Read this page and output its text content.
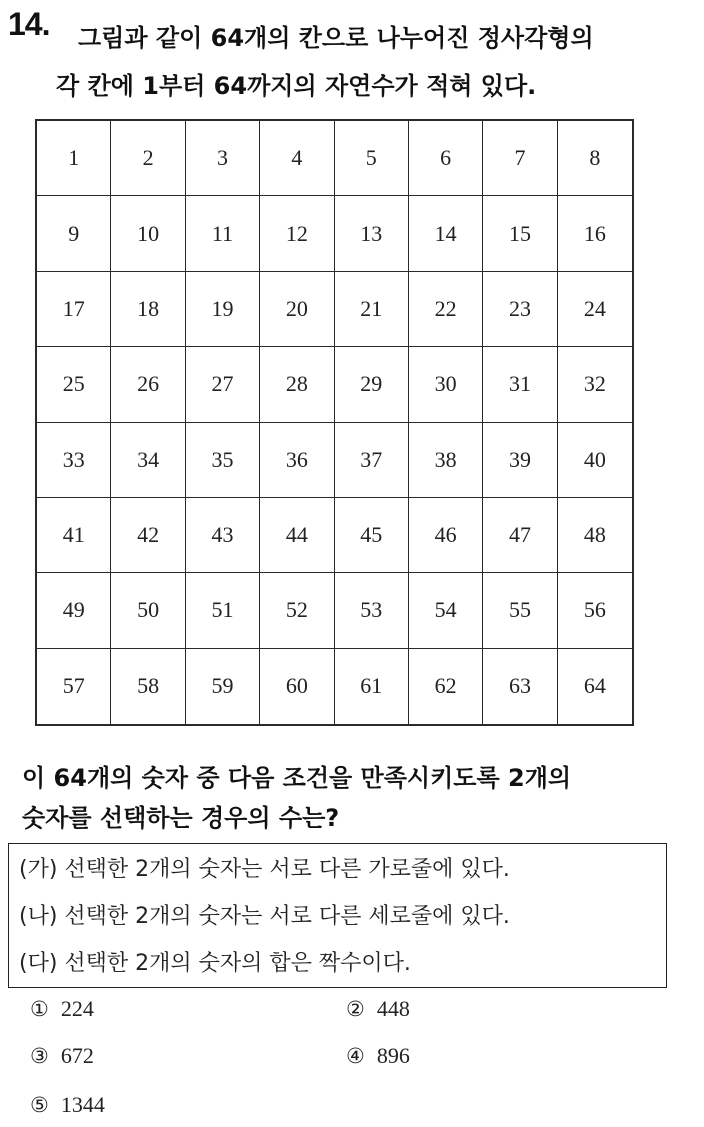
14. 그림과 같이 64개의 칸으로 나누어진 정사각형의
각 칸에 1부터 64까지의 자연수가 적혀 있다.
1	2	3	4	5	6	7	8
9	10	11	12	13	14	15	16
17	18	19	20	21	22	23	24
25	26	27	28	29	30	31	32
33	34	35	36	37	38	39	40
41	42	43	44	45	46	47	48
49	50	51	52	53	54	55	56
57	58	59	60	61	62	63	64
이 64개의 숫자 중 다음 조건을 만족시키도록 2개의
숫자를 선택하는 경우의 수는?
(가) 선택한 2개의 숫자는 서로 다른 가로줄에 있다.
(나) 선택한 2개의 숫자는 서로 다른 세로줄에 있다.
(다) 선택한 2개의 숫자의 합은 짝수이다.
① 224	② 448
③ 672	④ 896
⑤ 1344
